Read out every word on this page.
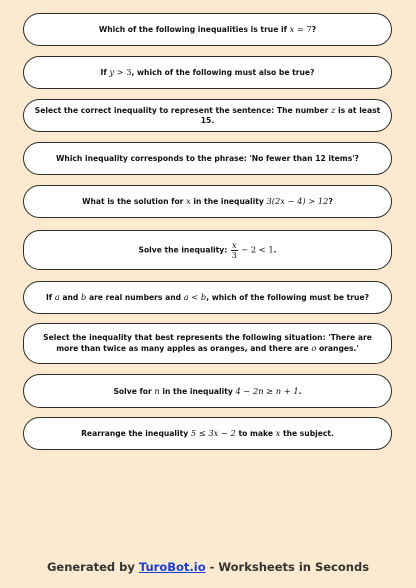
Which of the following inequalities is true if x = 7?
If y > 3, which of the following must also be true?
Select the correct inequality to represent the sentence: The number z is at least 15.
Which inequality corresponds to the phrase: 'No fewer than 12 items'?
What is the solution for x in the inequality 3(2x − 4) > 12?
Solve the inequality: $\frac{x}{3} - 2 < 1$.
If a and b are real numbers and a < b, which of the following must be true?
Select the inequality that best represents the following situation: 'There are more than twice as many apples as oranges, and there are o oranges.'
Solve for n in the inequality 4 − 2n ≥ n + 1.
Rearrange the inequality 5 ≤ 3x − 2 to make x the subject.
Generated by TuroBot.io - Worksheets in Seconds
